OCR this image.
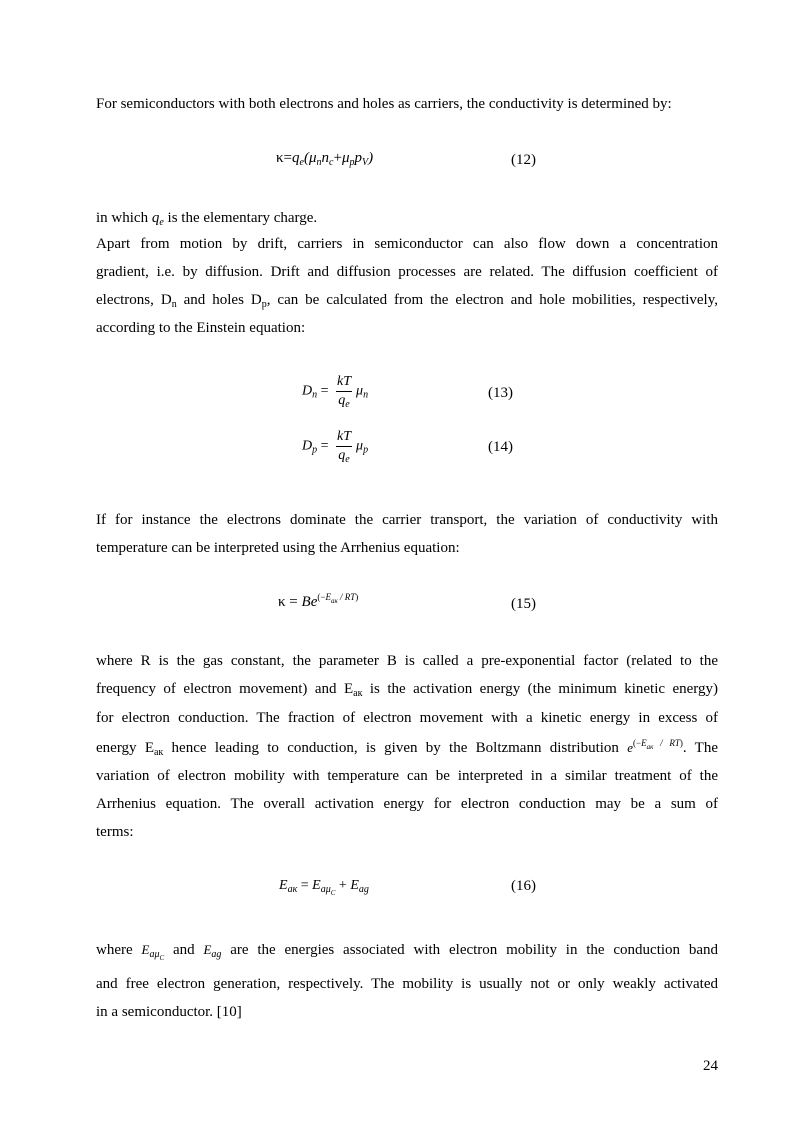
For semiconductors with both electrons and holes as carriers, the conductivity is determined by:

$\kappa=q_e(\mu_nn_c+\mu_pp_V)$	(12)

in which $q_e$ is the elementary charge.

Apart from motion by drift, carriers in semiconductor can also flow down a concentration

gradient, i.e. by diffusion. Drift and diffusion processes are related. The diffusion coefficient of

electrons, $D_n$ and holes $D_p$, can be calculated from the electron and hole mobilities, respectively,

according to the Einstein equation:

$D_n = \frac{kT}{q_e} \mu_n$	(13)
$D_p = \frac{kT}{q_e} \mu_p$	(14)

If for instance the electrons dominate the carrier transport, the variation of conductivity with

temperature can be interpreted using the Arrhenius equation:

$\kappa = Be^{(-E_{ак} / RT)}$	(15)

where R is the gas constant, the parameter B is called a pre-exponential factor (related to the

frequency of electron movement) and $E_{ак}$ is the activation energy (the minimum kinetic energy)

for electron conduction. The fraction of electron movement with a kinetic energy in excess of

energy $E_{ак}$ hence leading to conduction, is given by the Boltzmann distribution $e^{(-E_{ак} / RT)}$. The

variation of electron mobility with temperature can be interpreted in a similar treatment of the

Arrhenius equation. The overall activation energy for electron conduction may be a sum of

terms:

$E_{ак} = E_{а\mu_C} + E_{ag}$	(16)

where $E_{а\mu_C}$ and $E_{ag}$ are the energies associated with electron mobility in the conduction band

and free electron generation, respectively. The mobility is usually not or only weakly activated

in a semiconductor. [10]

24
